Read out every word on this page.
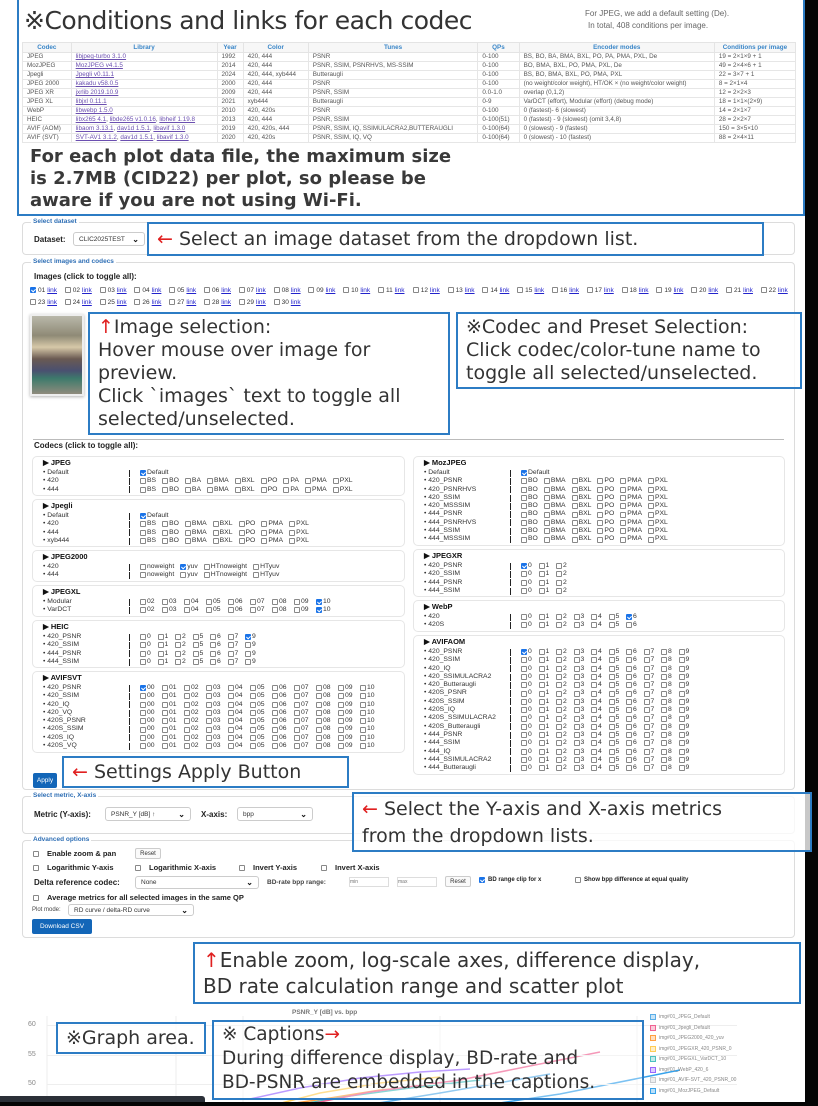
For JPEG, we add a default setting (De).
In total, 408 conditions per image.
※Conditions and links for each codec
Codec	Library	Year	Color	Tunes	QPs	Encoder modes	Conditions per image
JPEG	libjpeg-turbo 3.1.0	1992	420, 444	PSNR	0-100	BS, BO, BA, BMA, BXL, PO, PA, PMA, PXL, De	19 = 2×1×9 + 1
MozJPEG	MozJPEG v4.1.5	2014	420, 444	PSNR, SSIM, PSNRHVS, MS-SSIM	0-100	BO, BMA, BXL, PO, PMA, PXL, De	49 = 2×4×6 + 1
Jpegli	Jpegli v0.11.1	2024	420, 444, xyb444	Butteraugli	0-100	BS, BO, BMA, BXL, PO, PMA, PXL	22 = 3×7 + 1
JPEG 2000	kakadu v58.0.5	2000	420, 444	PSNR	0-100	(no weight/color weight), HT/OK × (no weight/color weight)	8 = 2×1×4
JPEG XR	jxrlib 2019.10.9	2009	420, 444	PSNR, SSIM	0.0-1.0	overlap (0,1,2)	12 = 2×2×3
JPEG XL	libjxl 0.11.1	2021	xyb444	Butteraugli	0-9	VarDCT (effort), Modular (effort) (debug mode)	18 = 1×1×(2×9)
WebP	libwebp 1.5.0	2010	420, 420s	PSNR	0-100	0 (fastest)- 6 (slowest)	14 = 2×1×7
HEIC	libx265 4.1, libde265 v1.0.16, libheif 1.19.8	2013	420, 444	PSNR, SSIM	0-100(51)	0 (fastest) - 9 (slowest) (omit 3,4,8)	28 = 2×2×7
AVIF (AOM)	libaom 3.13.1, dav1d 1.5.1, libavif 1.3.0	2019	420, 420s, 444	PSNR, SSIM, IQ, SSIMULACRA2,BUTTERAUGLI	0-100(64)	0 (slowest) - 9 (fastest)	150 = 3×5×10
AVIF (SVT)	SVT-AV1 3.1.2, dav1d 1.5.1, libavif 1.3.0	2020	420, 420s	PSNR, SSIM, IQ, VQ	0-100(64)	0 (slowest) - 10 (fastest)	88 = 2×4×11
For each plot data file, the maximum size
is 2.7MB (CID22) per plot, so please be
aware if you are not using Wi-Fi.
Select dataset
Dataset: CLIC2025TEST ⌄
Select images and codecs
Images (click to toggle all):
Codecs (click to toggle all):
Apply
01 link 02 link 03 link 04 link 05 link 06 link 07 link 08 link 09 link 10 link 11 link	12 link 13 link 14 link 15 link 16 link 17 link 18 link 19 link 20 link 21 link 22 link
23 link 24 link 25 link 26 link 27 link 28 link 29 link 30 link
▶ JPEG
• Default	Default
• 420	BS BO BA BMA BXL PO PA PMA PXL
• 444	BS BO BA BMA BXL PO PA PMA PXL
▶ Jpegli
• Default	Default
• 420	BS BO BMA BXL PO PMA PXL
• 444	BS BO BMA BXL PO PMA PXL
• xyb444	BS BO BMA BXL PO PMA PXL
▶ JPEG2000
• 420	noweight yuv HTnoweight HTyuv
• 444	noweight yuv HTnoweight HTyuv
▶ JPEGXL
• Modular	02 03 04 05 06 07 08 09 10
• VarDCT	02 03 04 05 06 07 08 09 10
▶ HEIC
• 420_PSNR	0 1 2 5 6 7 9
• 420_SSIM	0 1 2 5 6 7 9
• 444_PSNR	0 1 2 5 6 7 9
• 444_SSIM	0 1 2 5 6 7 9
▶ AVIFSVT
• 420_PSNR	00 01 02 03 04 05 06 07 08 09 10
• 420_SSIM	00 01 02 03 04 05 06 07 08 09 10
• 420_IQ	00 01 02 03 04 05 06 07 08 09 10
• 420_VQ	00 01 02 03 04 05 06 07 08 09 10
• 420S_PSNR	00 01 02 03 04 05 06 07 08 09 10
• 420S_SSIM	00 01 02 03 04 05 06 07 08 09 10
• 420S_IQ	00 01 02 03 04 05 06 07 08 09 10
• 420S_VQ	00 01 02 03 04 05 06 07 08 09 10
▶ MozJPEG
• Default	Default
• 420_PSNR	BO BMA BXL PO PMA PXL
• 420_PSNRHVS	BO BMA BXL PO PMA PXL
• 420_SSIM	BO BMA BXL PO PMA PXL
• 420_MSSSIM	BO BMA BXL PO PMA PXL
• 444_PSNR	BO BMA BXL PO PMA PXL
• 444_PSNRHVS	BO BMA BXL PO PMA PXL
• 444_SSIM	BO BMA BXL PO PMA PXL
• 444_MSSSIM	BO BMA BXL PO PMA PXL
▶ JPEGXR
• 420_PSNR	0 1 2
• 420_SSIM	0 1 2
• 444_PSNR	0 1 2
• 444_SSIM	0 1 2
▶ WebP
• 420	0 1 2 3 4 5 6
• 420S	0 1 2 3 4 5 6
▶ AVIFAOM
• 420_PSNR	0 1 2 3 4 5 6 7 8 9
• 420_SSIM	0 1 2 3 4 5 6 7 8 9
• 420_IQ	0 1 2 3 4 5 6 7 8 9
• 420_SSIMULACRA2	0 1 2 3 4 5 6 7 8 9
• 420_Butteraugli	0 1 2 3 4 5 6 7 8 9
• 420S_PSNR	0 1 2 3 4 5 6 7 8 9
• 420S_SSIM	0 1 2 3 4 5 6 7 8 9
• 420S_IQ	0 1 2 3 4 5 6 7 8 9
• 420S_SSIMULACRA2	0 1 2 3 4 5 6 7 8 9
• 420S_Butteraugli	0 1 2 3 4 5 6 7 8 9
• 444_PSNR	0 1 2 3 4 5 6 7 8 9
• 444_SSIM	0 1 2 3 4 5 6 7 8 9
• 444_IQ	0 1 2 3 4 5 6 7 8 9
• 444_SSIMULACRA2	0 1 2 3 4 5 6 7 8 9
• 444_Butteraugli	0 1 2 3 4 5 6 7 8 9
Select metric, X-axis
Metric (Y-axis):	PSNR_Y [dB] ↑	⌄ X-axis: bpp	⌄
Advanced options
Enable zoom & pan	Reset
Logarithmic Y-axis	Logarithmic X-axis	Invert Y-axis	Invert X-axis
Delta reference codec:	None	⌄ BD-rate bpp range:
min
max	Reset	BD range clip for x	Show bpp difference at equal quality
Average metrics for all selected images in the same QP
Plot mode: RD curve / delta-RD curve	⌄
Download CSV
PSNR_Y [dB] vs. bpp
60
55
50
img#01_JPEG_Default
img#01_Jpegli_Default
img#01_JPEG2000_420_yuv
img#01_JPEGXR_420_PSNR_0
img#01_JPEGXL_VarDCT_10
img#01_WebP_420_6
img#01_AVIF-SVT_420_PSNR_00
img#01_MozJPEG_Default
← Select an image dataset from the dropdown list.
↑Image selection:
Hover mouse over image for preview.
Click `images` text to toggle all selected/unselected.
※Codec and Preset Selection:
Click codec/color-tune name to toggle all selected/unselected.
← Settings Apply Button
← Select the Y-axis and X-axis metrics
from the dropdown lists.
↑Enable zoom, log-scale axes, difference display,
BD rate calculation range and scatter plot
※Graph area.	※ Captions→
During difference display, BD-rate and
BD-PSNR are embedded in the captions.
